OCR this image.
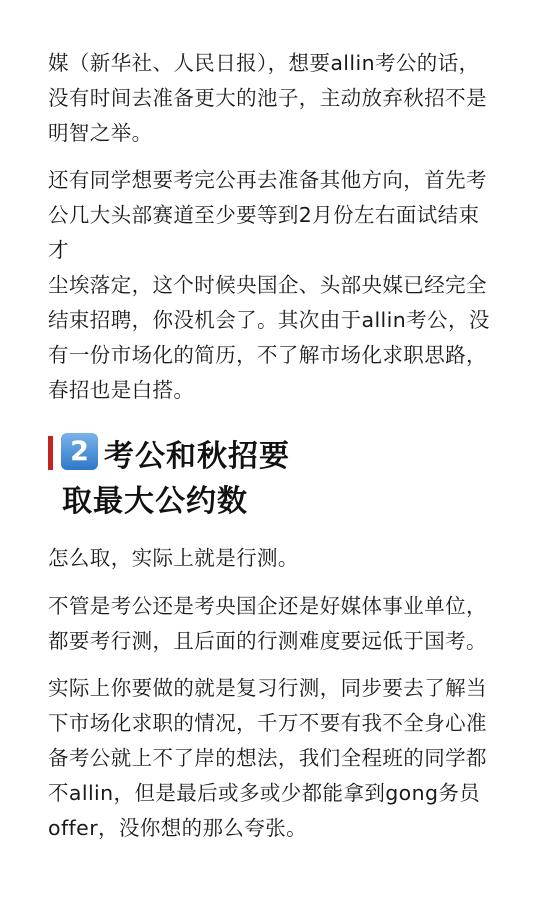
媒（新华社、人民日报），想要allin考公的话，
没有时间去准备更大的池子，主动放弃秋招不是
明智之举。

还有同学想要考完公再去准备其他方向，首先考
公几大头部赛道至少要等到2月份左右面试结束才
尘埃落定，这个时候央国企、头部央媒已经完全
结束招聘，你没机会了。其次由于allin考公，没
有一份市场化的简历，不了解市场化求职思路，
春招也是白搭。

2 考公和秋招要
取最大公约数

怎么取，实际上就是行测。

不管是考公还是考央国企还是好媒体事业单位，
都要考行测，且后面的行测难度要远低于国考。

实际上你要做的就是复习行测，同步要去了解当
下市场化求职的情况，千万不要有我不全身心准
备考公就上不了岸的想法，我们全程班的同学都
不allin，但是最后或多或少都能拿到gong务员
offer，没你想的那么夸张。
